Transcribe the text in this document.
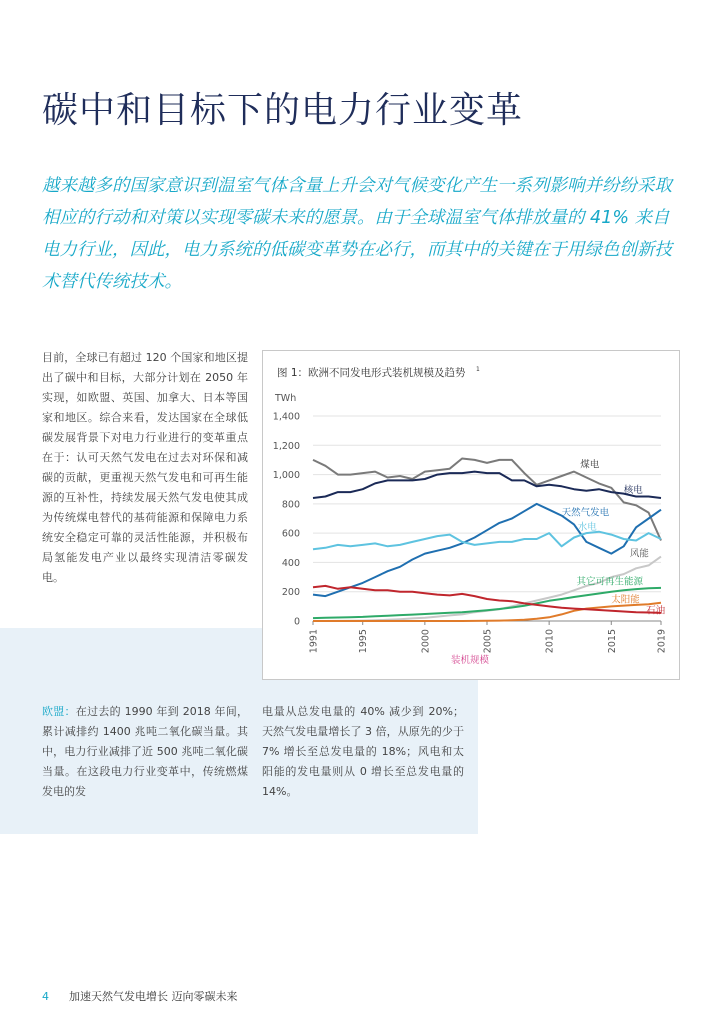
碳中和目标下的电力行业变革

越来越多的国家意识到温室气体含量上升会对气候变化产生一系列影响并纷纷采取相应的行动和对策以实现零碳未来的愿景。由于全球温室气体排放量的 41% 来自电力行业，因此，电力系统的低碳变革势在必行，而其中的关键在于用绿色创新技术替代传统技术。

目前，全球已有超过 120 个国家和地区提出了碳中和目标，大部分计划在 2050 年实现，如欧盟、英国、加拿大、日本等国家和地区。综合来看，发达国家在全球低碳发展背景下对电力行业进行的变革重点在于：认可天然气发电在过去对环保和减碳的贡献，更重视天然气发电和可再生能源的互补性，持续发展天然气发电使其成为传统煤电替代的基荷能源和保障电力系统安全稳定可靠的灵活性能源，并积极布局氢能发电产业以最终实现清洁零碳发电。

图 1：欧洲不同发电形式装机规模及趋势 1
TWh
0
200
400
600
800
1,000
1,200
1,400
1991	1995	2000	2005	2010	2015	2019
煤电
核电
天然气发电
水电
风能
其它可再生能源
太阳能
石油
装机规模

欧盟：在过去的 1990 年到 2018 年间，累计减排约 1400 兆吨二氧化碳当量。其中，电力行业减排了近 500 兆吨二氧化碳当量。在这段电力行业变革中，传统燃煤发电的发

电量从总发电量的 40% 减少到 20%；天然气发电量增长了 3 倍，从原先的少于 7% 增长至总发电量的 18%；风电和太阳能的发电量则从 0 增长至总发电量的 14%。

4 加速天然气发电增长 迈向零碳未来
